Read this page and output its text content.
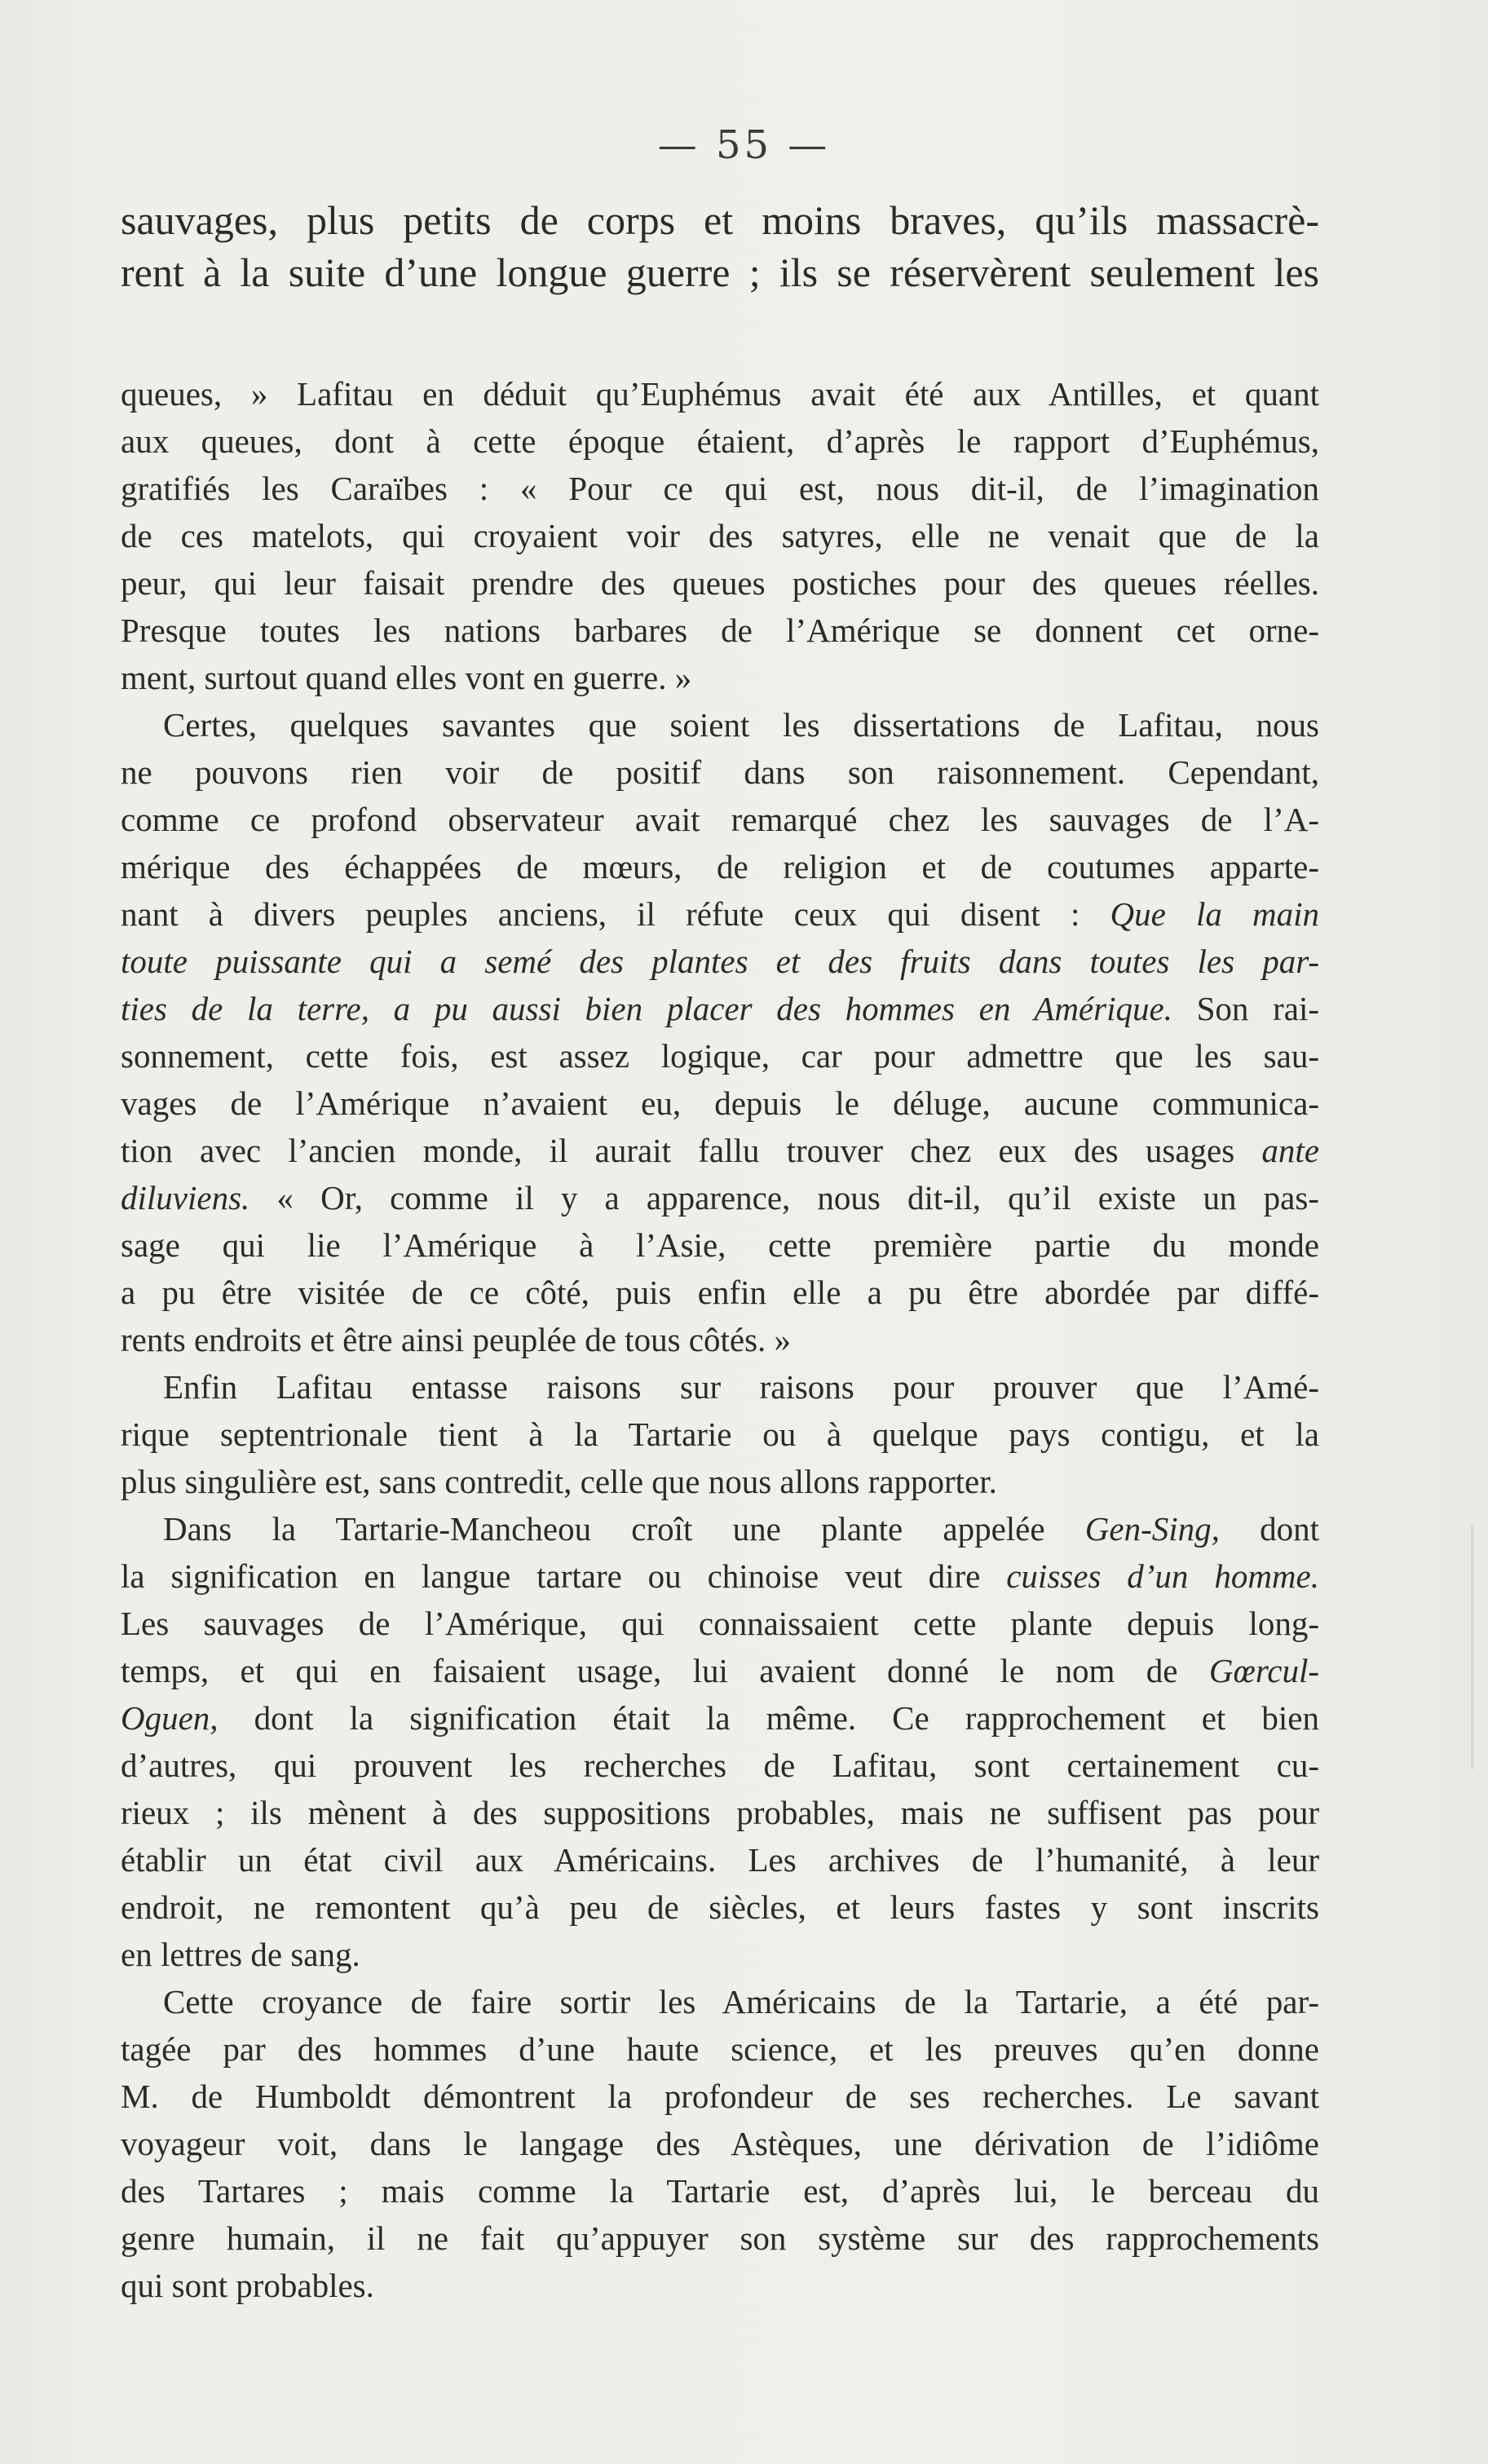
— 55 —
sauvages, plus petits de corps et moins braves, qu’ils massacrè-
rent à la suite d’une longue guerre ; ils se réservèrent seulement les
queues, » Lafitau en déduit qu’Euphémus avait été aux Antilles, et quant
aux queues, dont à cette époque étaient, d’après le rapport d’Euphémus,
gratifiés les Caraïbes : « Pour ce qui est, nous dit-il, de l’imagination
de ces matelots, qui croyaient voir des satyres, elle ne venait que de la
peur, qui leur faisait prendre des queues postiches pour des queues réelles.
Presque toutes les nations barbares de l’Amérique se donnent cet orne-
ment, surtout quand elles vont en guerre. »
Certes, quelques savantes que soient les dissertations de Lafitau, nous
ne pouvons rien voir de positif dans son raisonnement. Cependant,
comme ce profond observateur avait remarqué chez les sauvages de l’A-
mérique des échappées de mœurs, de religion et de coutumes apparte-
nant à divers peuples anciens, il réfute ceux qui disent : Que la main
toute puissante qui a semé des plantes et des fruits dans toutes les par-
ties de la terre, a pu aussi bien placer des hommes en Amérique. Son rai-
sonnement, cette fois, est assez logique, car pour admettre que les sau-
vages de l’Amérique n’avaient eu, depuis le déluge, aucune communica-
tion avec l’ancien monde, il aurait fallu trouver chez eux des usages ante
diluviens. « Or, comme il y a apparence, nous dit-il, qu’il existe un pas-
sage qui lie l’Amérique à l’Asie, cette première partie du monde
a pu être visitée de ce côté, puis enfin elle a pu être abordée par diffé-
rents endroits et être ainsi peuplée de tous côtés. »
Enfin Lafitau entasse raisons sur raisons pour prouver que l’Amé-
rique septentrionale tient à la Tartarie ou à quelque pays contigu, et la
plus singulière est, sans contredit, celle que nous allons rapporter.
Dans la Tartarie-Mancheou croît une plante appelée Gen-Sing, dont
la signification en langue tartare ou chinoise veut dire cuisses d’un homme.
Les sauvages de l’Amérique, qui connaissaient cette plante depuis long-
temps, et qui en faisaient usage, lui avaient donné le nom de Gœrcul-
Oguen, dont la signification était la même. Ce rapprochement et bien
d’autres, qui prouvent les recherches de Lafitau, sont certainement cu-
rieux ; ils mènent à des suppositions probables, mais ne suffisent pas pour
établir un état civil aux Américains. Les archives de l’humanité, à leur
endroit, ne remontent qu’à peu de siècles, et leurs fastes y sont inscrits
en lettres de sang.
Cette croyance de faire sortir les Américains de la Tartarie, a été par-
tagée par des hommes d’une haute science, et les preuves qu’en donne
M. de Humboldt démontrent la profondeur de ses recherches. Le savant
voyageur voit, dans le langage des Astèques, une dérivation de l’idiôme
des Tartares ; mais comme la Tartarie est, d’après lui, le berceau du
genre humain, il ne fait qu’appuyer son système sur des rapprochements
qui sont probables.
